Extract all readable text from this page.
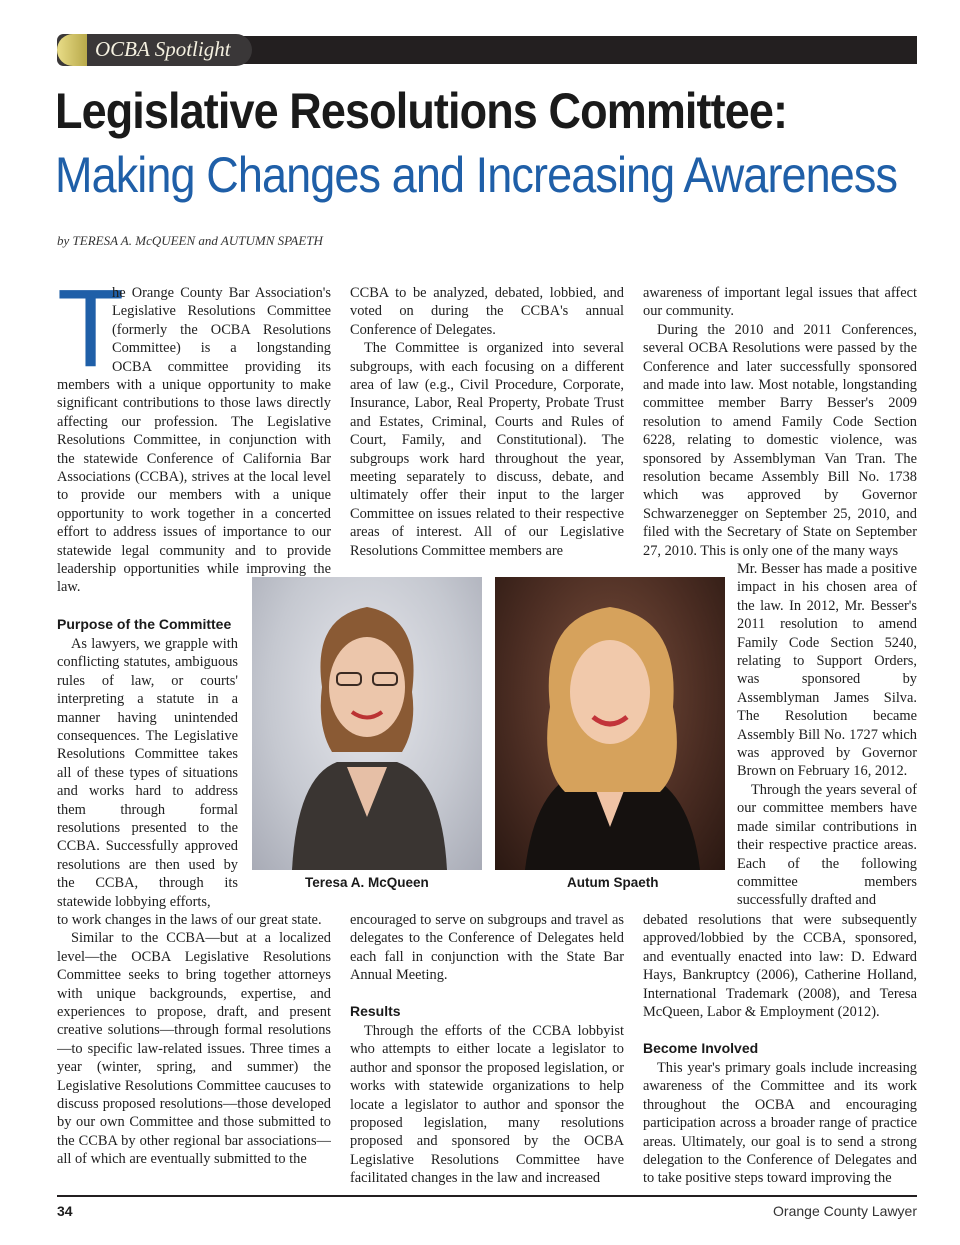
OCBA Spotlight
Legislative Resolutions Committee:
Making Changes and Increasing Awareness
by TERESA A. McQUEEN and AUTUMN SPAETH
T
he Orange County Bar Association's
Legislative Resolutions Committee
(formerly the OCBA Resolutions
Committee) is a longstanding
OCBA committee providing its

members with a unique opportunity to make significant contributions to those laws directly affecting our profession. The Legislative Resolutions Committee, in conjunction with the statewide Conference of California Bar Associations (CCBA), strives at the local level to provide our members with a unique opportunity to work together in a concerted effort to address issues of importance to our statewide legal community and to provide leadership opportunities while improving the law.

Purpose of the Committee

As lawyers, we grapple with conflicting statutes, ambiguous rules of law, or courts' interpreting a statute in a manner having unintended consequences. The Legislative Resolutions Committee takes all of these types of situations and works hard to address them through formal resolutions presented to the CCBA. Successfully approved resolutions are then used by the CCBA, through its statewide lobbying efforts,

to work changes in the laws of our great state.

Similar to the CCBA—but at a localized level—the OCBA Legislative Resolutions Committee seeks to bring together attorneys with unique backgrounds, expertise, and experiences to propose, draft, and present creative solutions—through formal resolutions—to specific law-related issues. Three times a year (winter, spring, and summer) the Legislative Resolutions Committee caucuses to discuss proposed resolutions—those developed by our own Committee and those submitted to the CCBA by other regional bar associations—all of which are eventually submitted to the

CCBA to be analyzed, debated, lobbied, and voted on during the CCBA's annual Conference of Delegates.

The Committee is organized into several subgroups, with each focusing on a different area of law (e.g., Civil Procedure, Corporate, Insurance, Labor, Real Property, Probate Trust and Estates, Criminal, Courts and Rules of Court, Family, and Constitutional). The subgroups work hard throughout the year, meeting separately to discuss, debate, and ultimately offer their input to the larger Committee on issues related to their respective areas of interest. All of our Legislative Resolutions Committee members are

Teresa A. McQueen	Autum Spaeth

encouraged to serve on subgroups and travel as delegates to the Conference of Delegates held each fall in conjunction with the State Bar Annual Meeting.

Results

Through the efforts of the CCBA lobbyist who attempts to either locate a legislator to author and sponsor the proposed legislation, or works with statewide organizations to help locate a legislator to author and sponsor the proposed legislation, many resolutions proposed and sponsored by the OCBA Legislative Resolutions Committee have facilitated changes in the law and increased

awareness of important legal issues that affect our community.

During the 2010 and 2011 Conferences, several OCBA Resolutions were passed by the Conference and later successfully sponsored and made into law. Most notable, longstanding committee member Barry Besser's 2009 resolution to amend Family Code Section 6228, relating to domestic violence, was sponsored by Assemblyman Van Tran. The resolution became Assembly Bill No. 1738 which was approved by Governor Schwarzenegger on September 25, 2010, and filed with the Secretary of State on September 27, 2010. This is only one of the many ways

Mr. Besser has made a positive impact in his chosen area of the law. In 2012, Mr. Besser's 2011 resolution to amend Family Code Section 5240, relating to Support Orders, was sponsored by Assemblyman James Silva. The Resolution became Assembly Bill No. 1727 which was approved by Governor Brown on February 16, 2012.

Through the years several of our committee members have made similar contributions in their respective practice areas. Each of the following committee members successfully drafted and

debated resolutions that were subsequently approved/lobbied by the CCBA, sponsored, and eventually enacted into law: D. Edward Hays, Bankruptcy (2006), Catherine Holland, International Trademark (2008), and Teresa McQueen, Labor & Employment (2012).

Become Involved

This year's primary goals include increasing awareness of the Committee and its work throughout the OCBA and encouraging participation across a broader range of practice areas. Ultimately, our goal is to send a strong delegation to the Conference of Delegates and to take positive steps toward improving the

34	Orange County Lawyer
